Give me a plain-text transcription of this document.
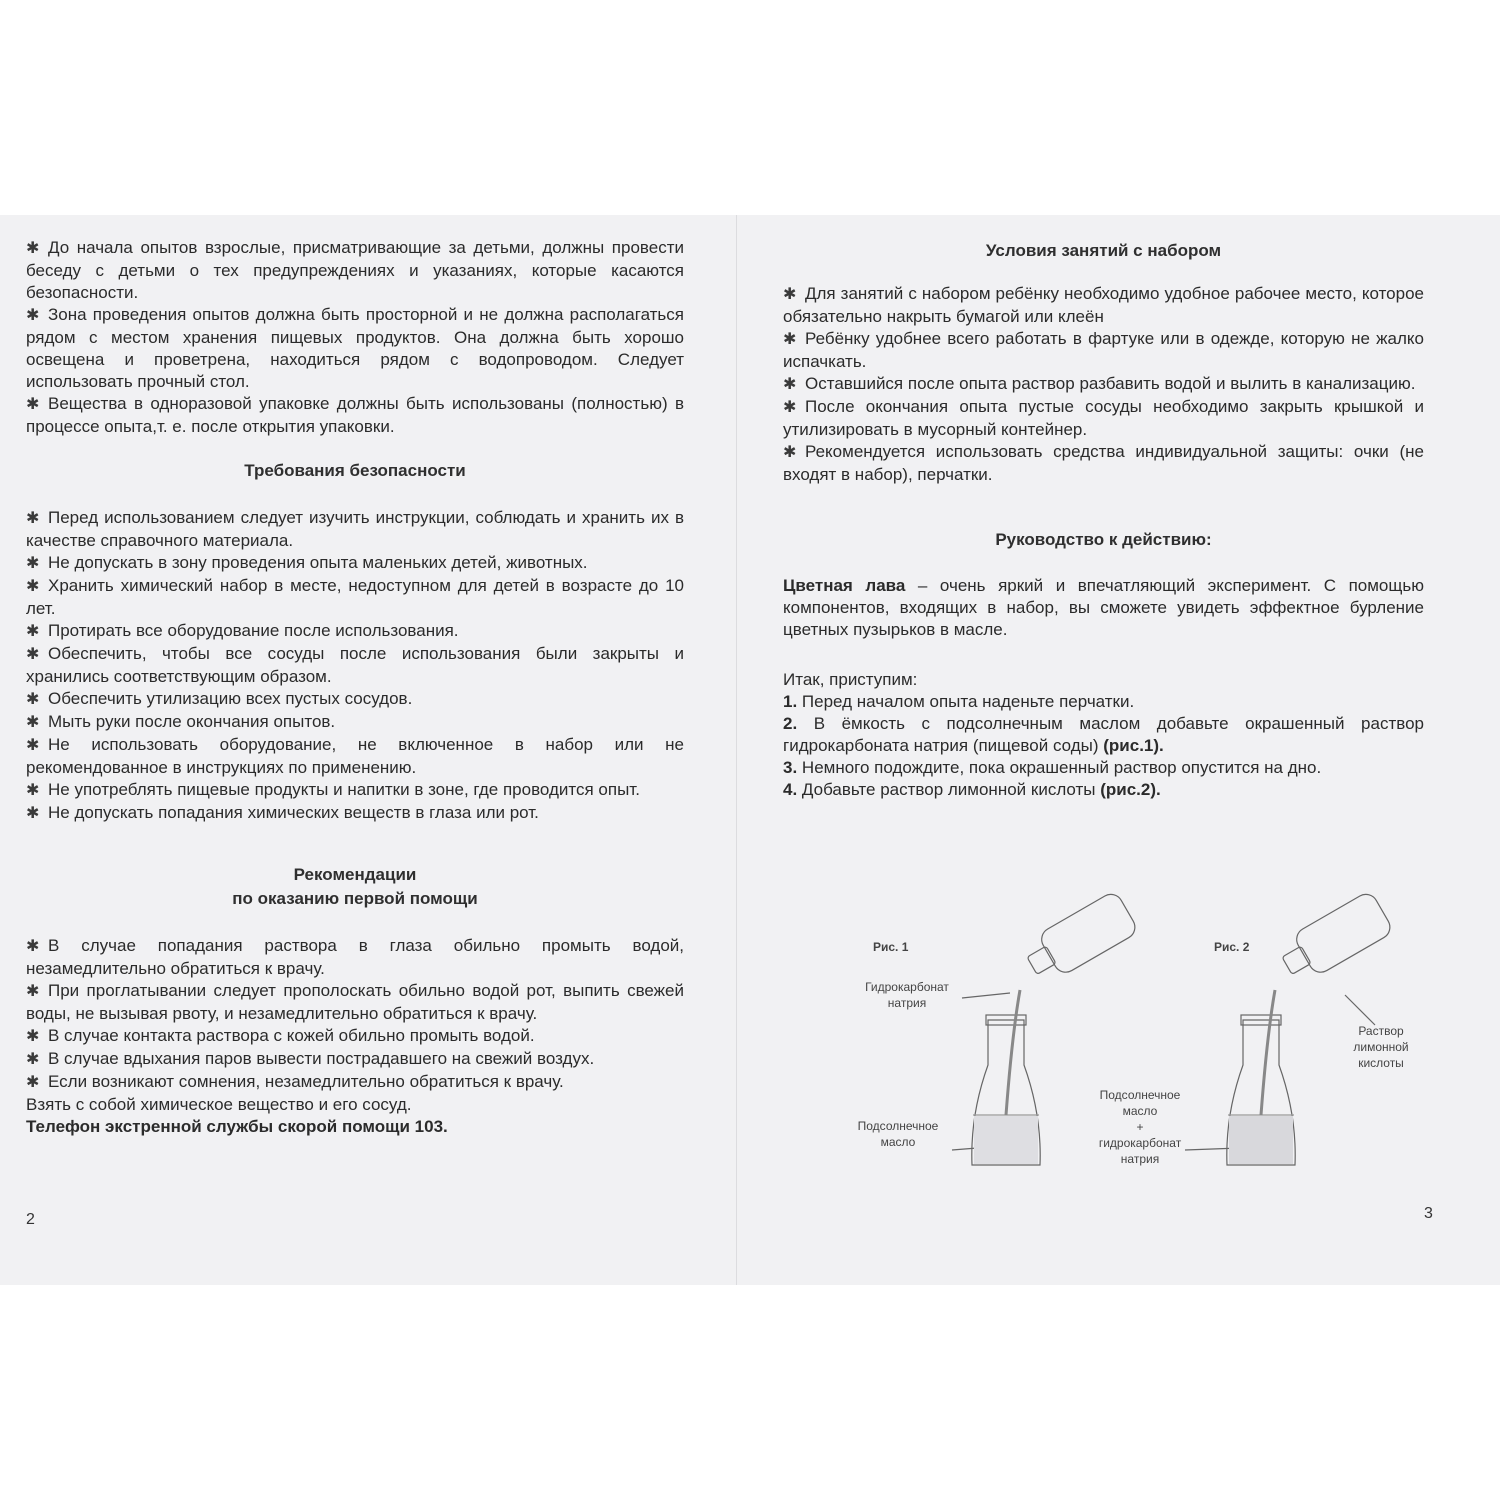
✱ До начала опытов взрослые, присматривающие за детьми, должны провести беседу с детьми о тех предупреждениях и указаниях, которые касаются безопасности.

✱ Зона проведения опытов должна быть просторной и не должна располагаться рядом с местом хранения пищевых продуктов. Она должна быть хорошо освещена и проветрена, находиться рядом с водопроводом. Следует использовать прочный стол.

✱ Вещества в одноразовой упаковке должны быть использованы (полностью) в процессе опыта,т. е. после открытия упаковки.

Требования безопасности

✱ Перед использованием следует изучить инструкции, соблюдать и хранить их в качестве справочного материала.

✱ Не допускать в зону проведения опыта маленьких детей, животных.

✱ Хранить химический набор в месте, недоступном для детей в возрасте до 10 лет.

✱ Протирать все оборудование после использования.

✱ Обеспечить, чтобы все сосуды после использования были закрыты и хранились соответствующим образом.

✱ Обеспечить утилизацию всех пустых сосудов.

✱ Мыть руки после окончания опытов.

✱ Не использовать оборудование, не включенное в набор или не рекомендованное в инструкциях по применению.

✱ Не употреблять пищевые продукты и напитки в зоне, где проводится опыт.

✱ Не допускать попадания химических веществ в глаза или рот.

Рекомендации
по оказанию первой помощи

✱ В случае попадания раствора в глаза обильно промыть водой, незамедлительно обратиться к врачу.

✱ При проглатывании следует прополоскать обильно водой рот, выпить свежей воды, не вызывая рвоту, и незамедлительно обратиться к врачу.

✱ В случае контакта раствора с кожей обильно промыть водой.

✱ В случае вдыхания паров вывести пострадавшего на свежий воздух.

✱ Если возникают сомнения, незамедлительно обратиться к врачу.

Взять с собой химическое вещество и его сосуд.

Телефон экстренной службы скорой помощи 103.

2
Условия занятий с набором

✱ Для занятий с набором ребёнку необходимо удобное рабочее место, которое обязательно накрыть бумагой или клеён

✱ Ребёнку удобнее всего работать в фартуке или в одежде, которую не жалко испачкать.

✱ Оставшийся после опыта раствор разбавить водой и вылить в канализацию.

✱ После окончания опыта пустые сосуды необходимо закрыть крышкой и утилизировать в мусорный контейнер.

✱ Рекомендуется использовать средства индивидуальной защиты: очки (не входят в набор), перчатки.

Руководство к действию:

Цветная лава – очень яркий и впечатляющий эксперимент. С помощью компонентов, входящих в набор, вы сможете увидеть эффектное бурление цветных пузырьков в масле.

Итак, приступим:

1. Перед началом опыта наденьте перчатки.

2. В ёмкость с подсолнечным маслом добавьте окрашенный раствор гидрокарбоната натрия (пищевой соды) (рис.1).

3. Немного подождите, пока окрашенный раствор опустится на дно.

4. Добавьте раствор лимонной кислоты (рис.2).

3
Рис. 1
Гидрокарбонат
натрия
Подсолнечное
масло
Рис. 2
Раствор
лимонной
кислоты
Подсолнечное
масло
+
гидрокарбонат
натрия
